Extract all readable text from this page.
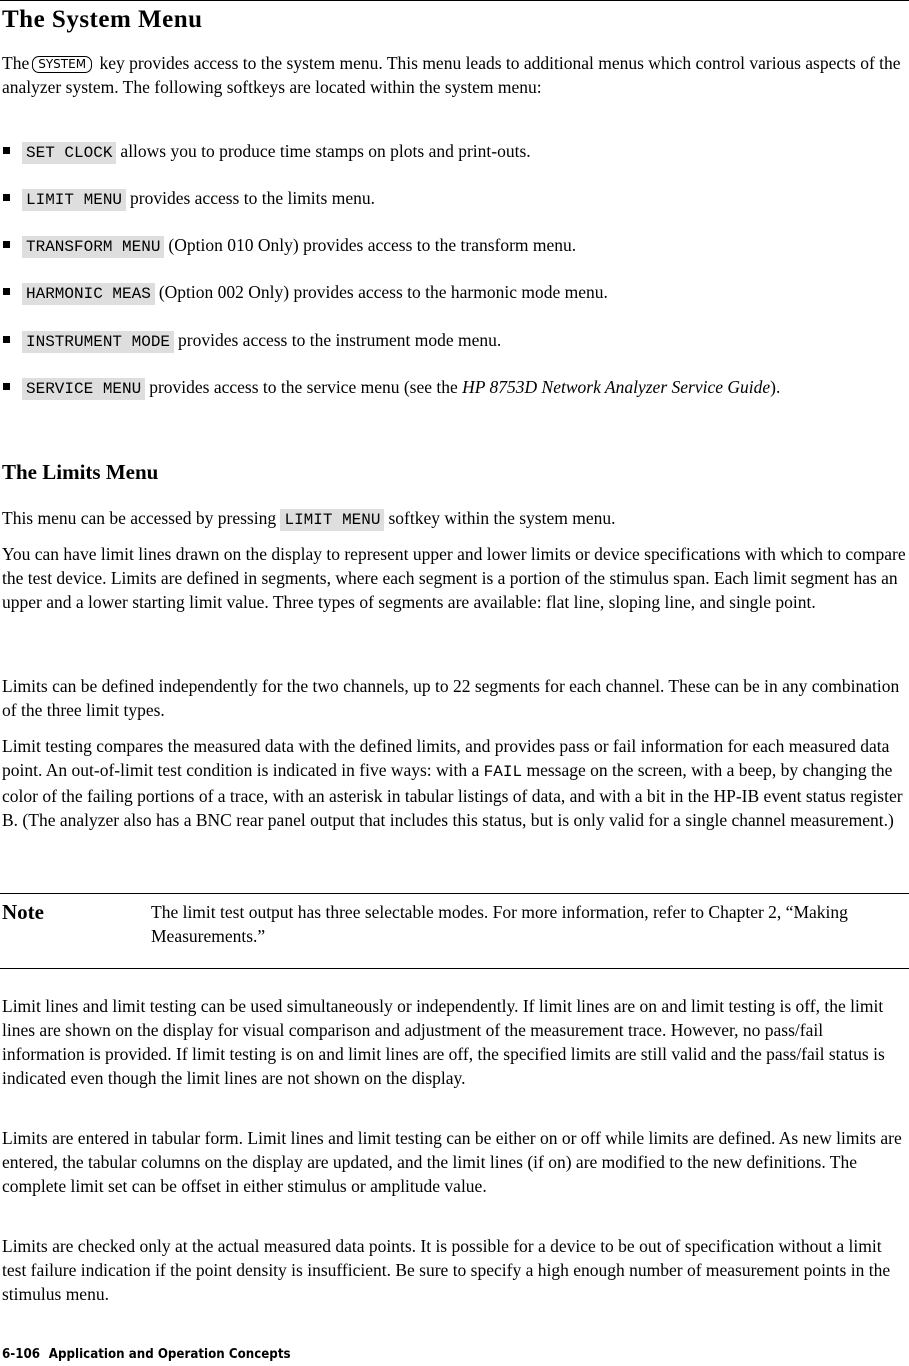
The System Menu

The SYSTEM key provides access to the system menu. This menu leads to additional menus which control various aspects of the analyzer system. The following softkeys are located within the system menu:

SET CLOCK allows you to produce time stamps on plots and print-outs.
LIMIT MENU provides access to the limits menu.
TRANSFORM MENU (Option 010 Only) provides access to the transform menu.
HARMONIC MEAS (Option 002 Only) provides access to the harmonic mode menu.
INSTRUMENT MODE provides access to the instrument mode menu.
SERVICE MENU provides access to the service menu (see the HP 8753D Network Analyzer Service Guide).
The Limits Menu

This menu can be accessed by pressing LIMIT MENU softkey within the system menu.

You can have limit lines drawn on the display to represent upper and lower limits or device specifications with which to compare the test device. Limits are defined in segments, where each segment is a portion of the stimulus span. Each limit segment has an upper and a lower starting limit value. Three types of segments are available: flat line, sloping line, and single point.

Limits can be defined independently for the two channels, up to 22 segments for each channel. These can be in any combination of the three limit types.

Limit testing compares the measured data with the defined limits, and provides pass or fail information for each measured data point. An out-of-limit test condition is indicated in five ways: with a FAIL message on the screen, with a beep, by changing the color of the failing portions of a trace, with an asterisk in tabular listings of data, and with a bit in the HP-IB event status register B. (The analyzer also has a BNC rear panel output that includes this status, but is only valid for a single channel measurement.)

Note	The limit test output has three selectable modes. For more information, refer to Chapter 2, “Making Measurements.”

Limit lines and limit testing can be used simultaneously or independently. If limit lines are on and limit testing is off, the limit lines are shown on the display for visual comparison and adjustment of the measurement trace. However, no pass/fail information is provided. If limit testing is on and limit lines are off, the specified limits are still valid and the pass/fail status is indicated even though the limit lines are not shown on the display.

Limits are entered in tabular form. Limit lines and limit testing can be either on or off while limits are defined. As new limits are entered, the tabular columns on the display are updated, and the limit lines (if on) are modified to the new definitions. The complete limit set can be offset in either stimulus or amplitude value.

Limits are checked only at the actual measured data points. It is possible for a device to be out of specification without a limit test failure indication if the point density is insufficient. Be sure to specify a high enough number of measurement points in the stimulus menu.

6-106 Application and Operation Concepts
